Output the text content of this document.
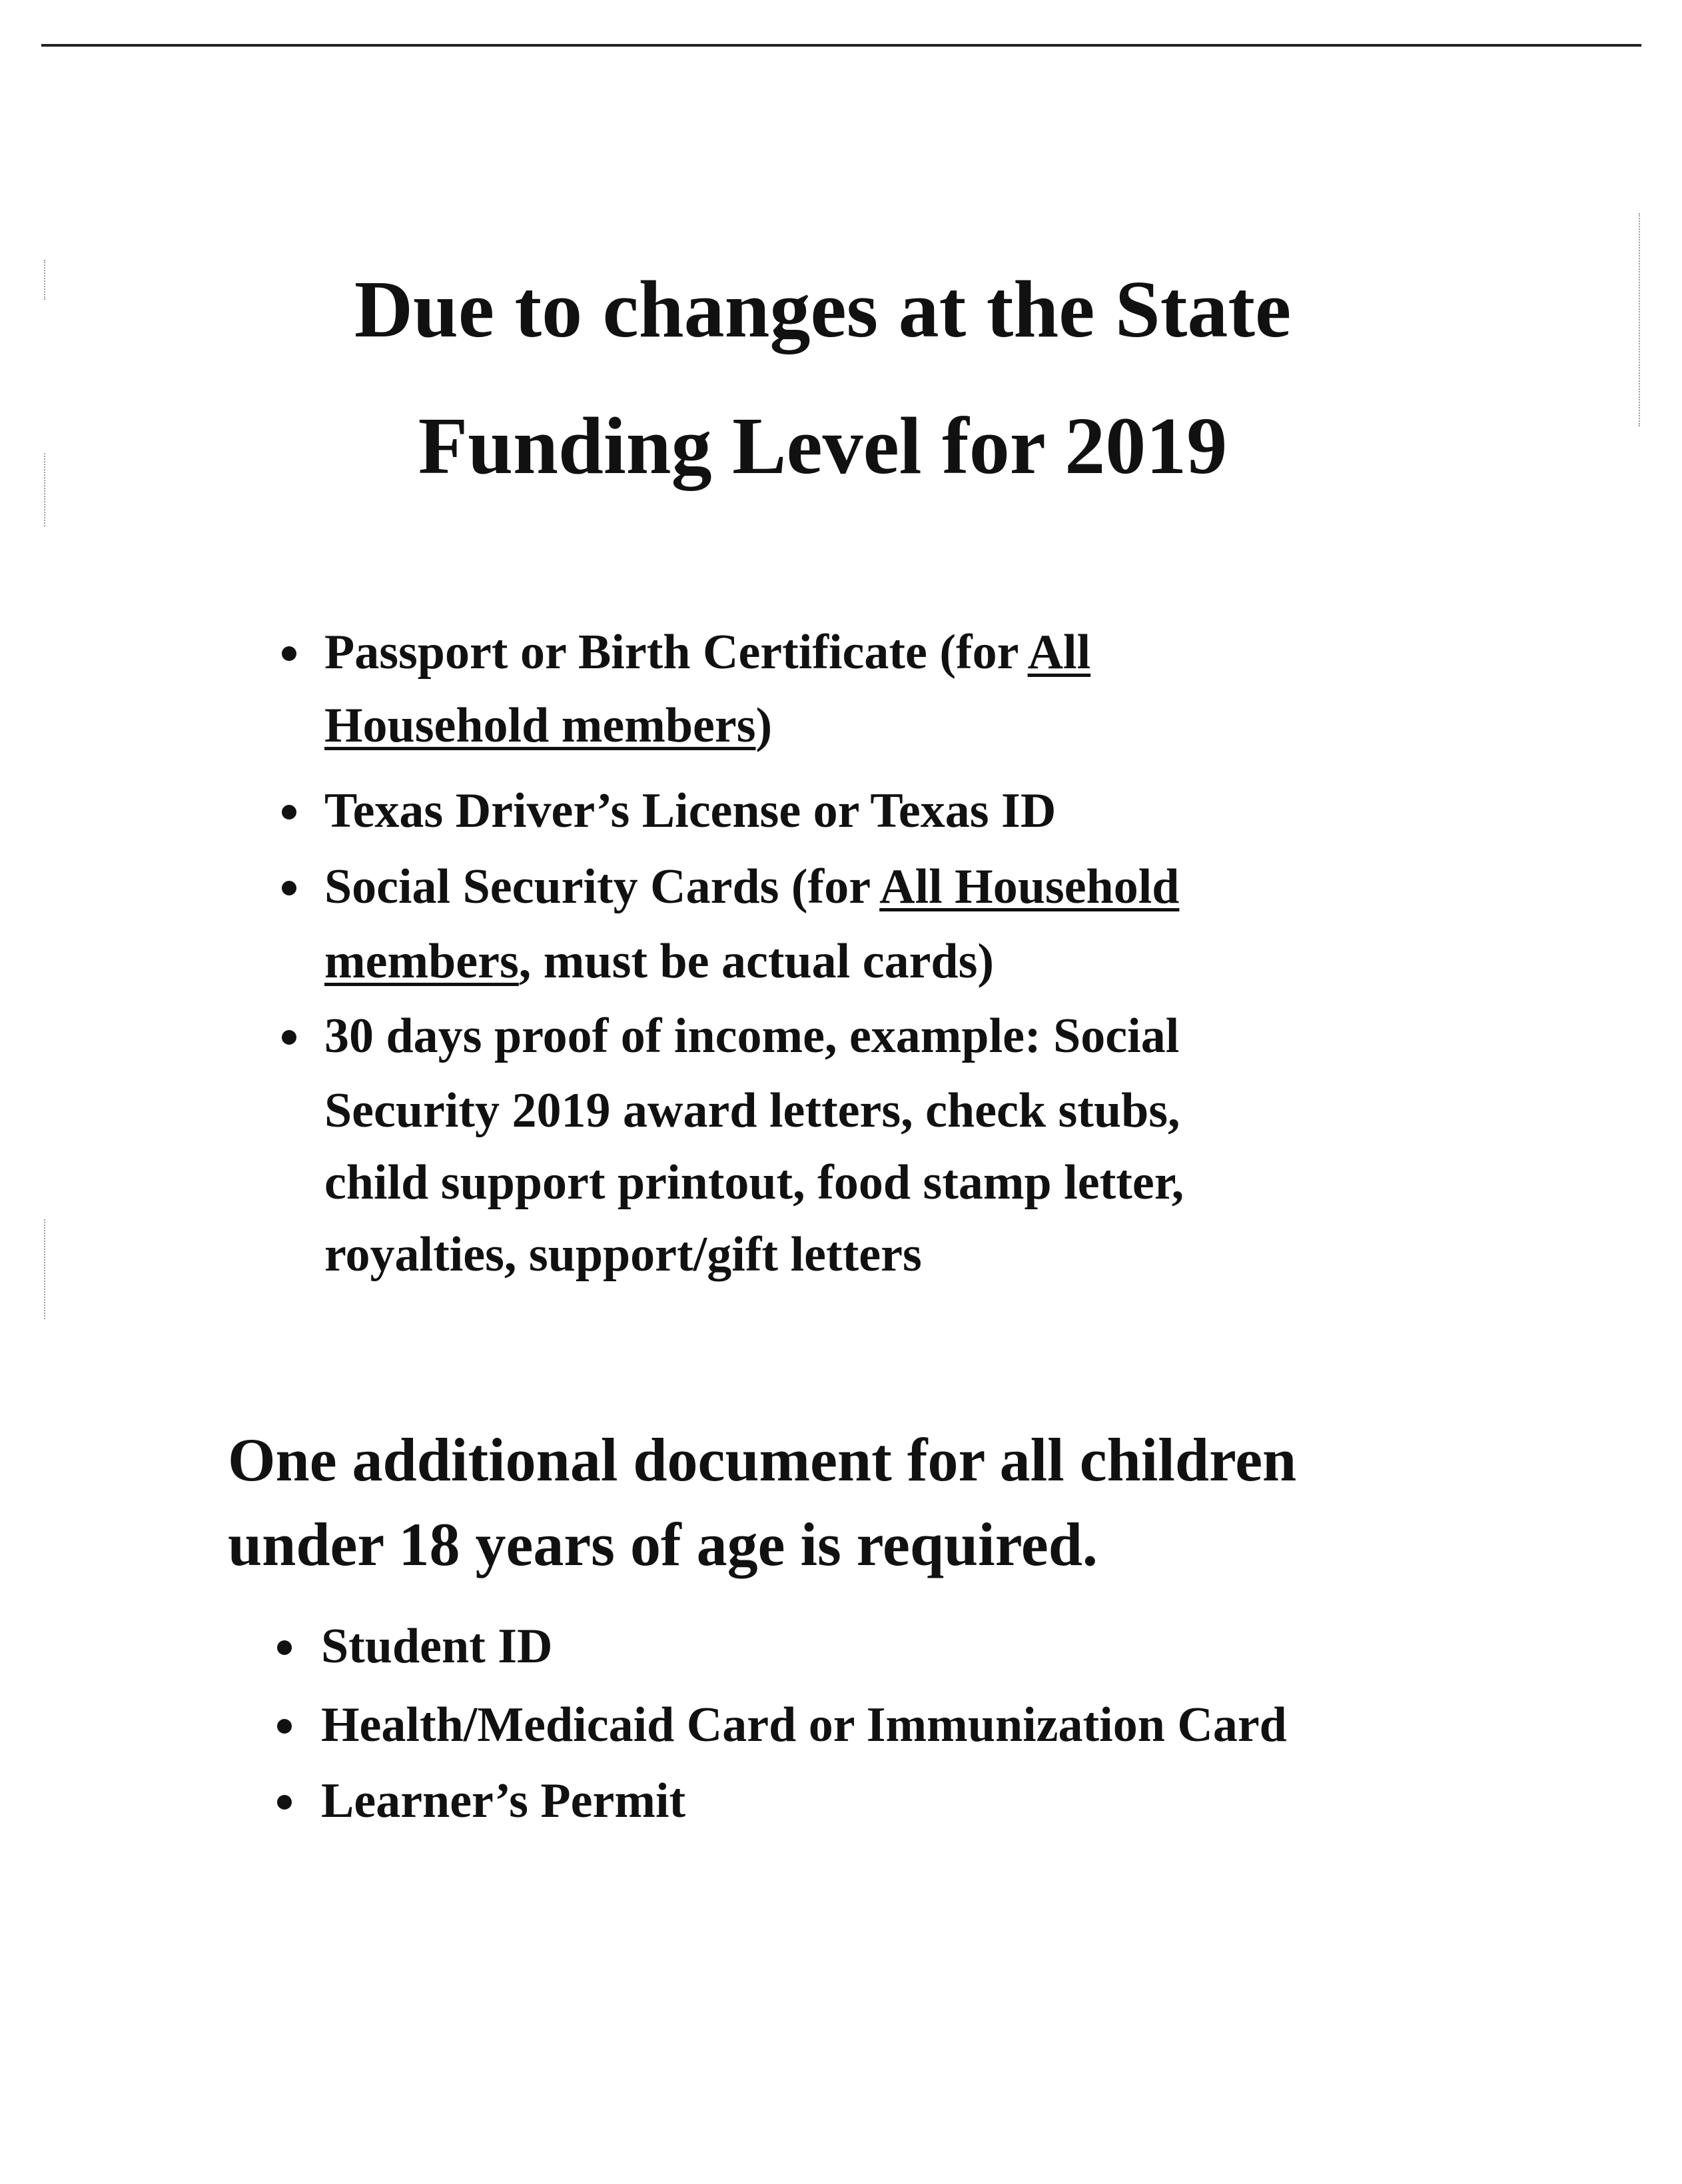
Due to changes at the State
Funding Level for 2019
Passport or Birth Certificate (for All
Household members)
Texas Driver’s License or Texas ID
Social Security Cards (for All Household
members, must be actual cards)
30 days proof of income, example: Social
Security 2019 award letters, check stubs,
child support printout, food stamp letter,
royalties, support/gift letters
One additional document for all children
under 18 years of age is required.
Student ID
Health/Medicaid Card or Immunization Card
Learner’s Permit
